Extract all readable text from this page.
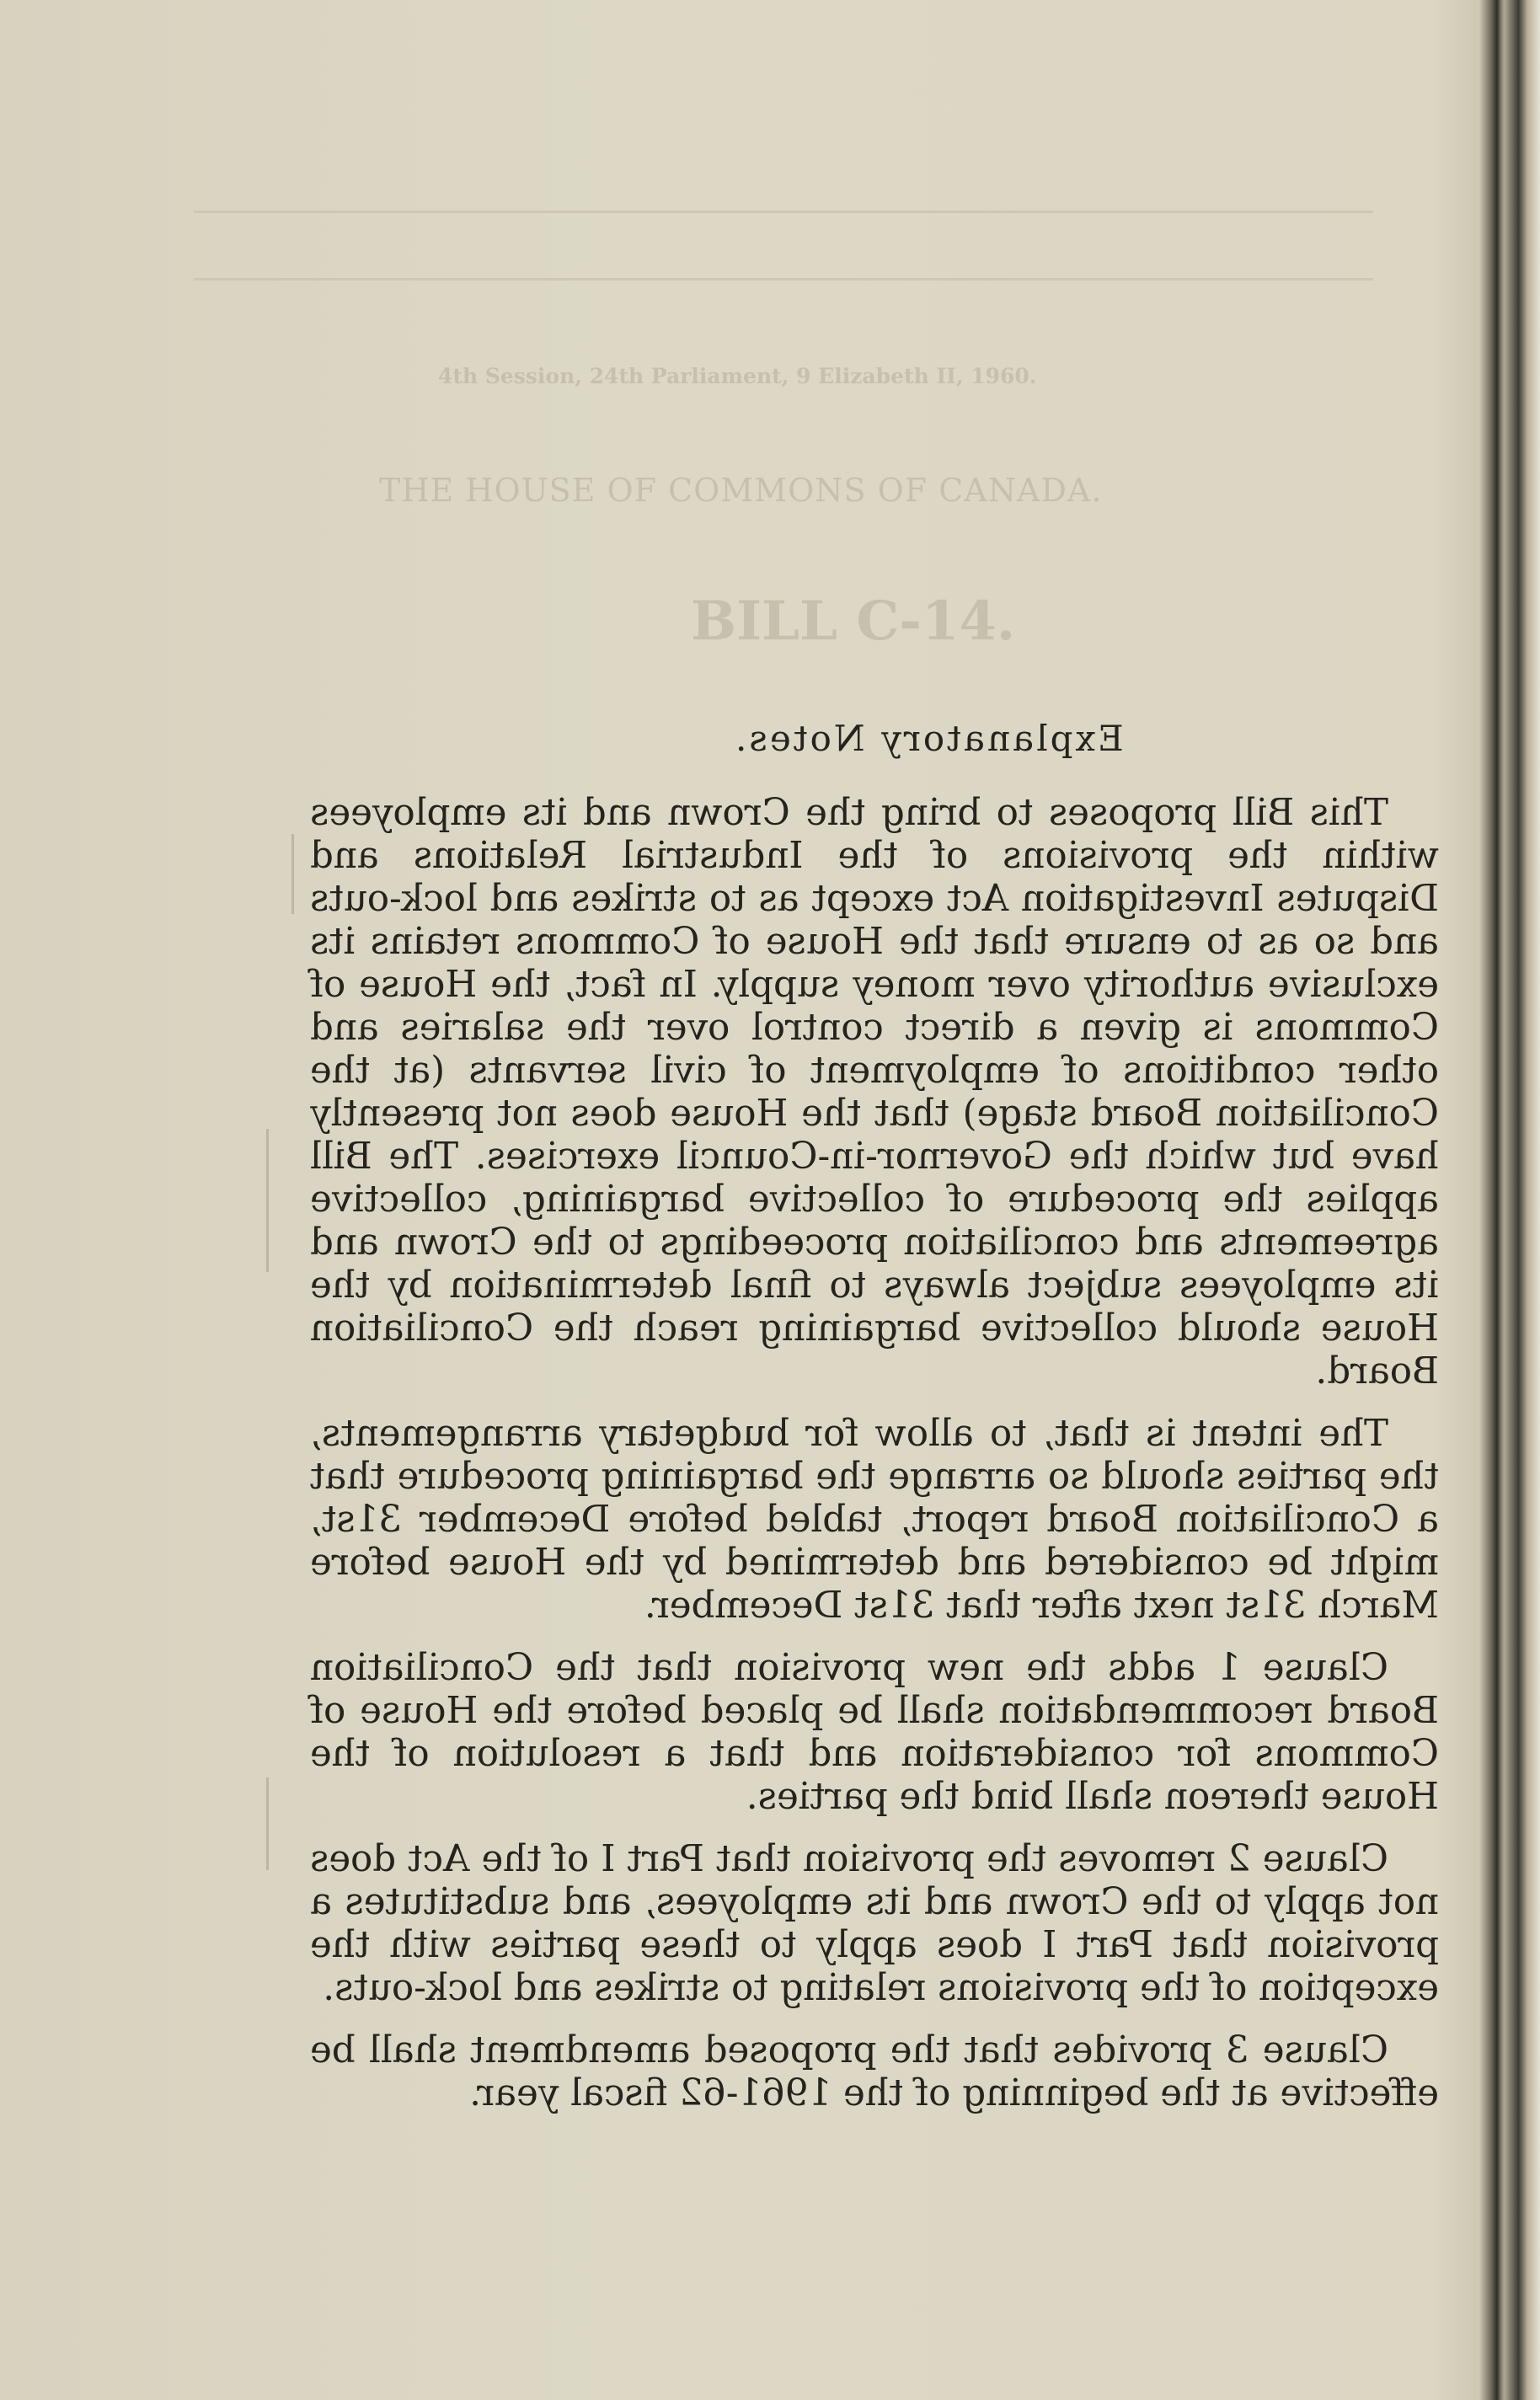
4th Session, 24th Parliament, 9 Elizabeth II, 1960.
THE HOUSE OF COMMONS OF CANADA.
BILL C-14.
Explanatory Notes.

This Bill proposes to bring the Crown and its employees within the provisions of the Industrial Relations and Disputes Investigation Act except as to strikes and lock-outs and so as to ensure that the House of Commons retains its exclusive authority over money supply. In fact, the House of Commons is given a direct control over the salaries and other conditions of employment of civil servants (at the Conciliation Board stage) that the House does not presently have but which the Governor-in-Council exercises. The Bill applies the procedure of collective bargaining, collective agreements and conciliation proceedings to the Crown and its employees subject always to final determination by the House should collective bargaining reach the Conciliation Board.

The intent is that, to allow for budgetary arrangements, the parties should so arrange the bargaining procedure that a Conciliation Board report, tabled before December 31st, might be considered and determined by the House before March 31st next after that 31st December.

Clause 1 adds the new provision that the Conciliation Board recommendation shall be placed before the House of Commons for consideration and that a resolution of the House thereon shall bind the parties.

Clause 2 removes the provision that Part I of the Act does not apply to the Crown and its employees, and substitutes a provision that Part I does apply to these parties with the exception of the provisions relating to strikes and lock-outs.

Clause 3 provides that the proposed amendment shall be effective at the beginning of the 1961-62 fiscal year.
